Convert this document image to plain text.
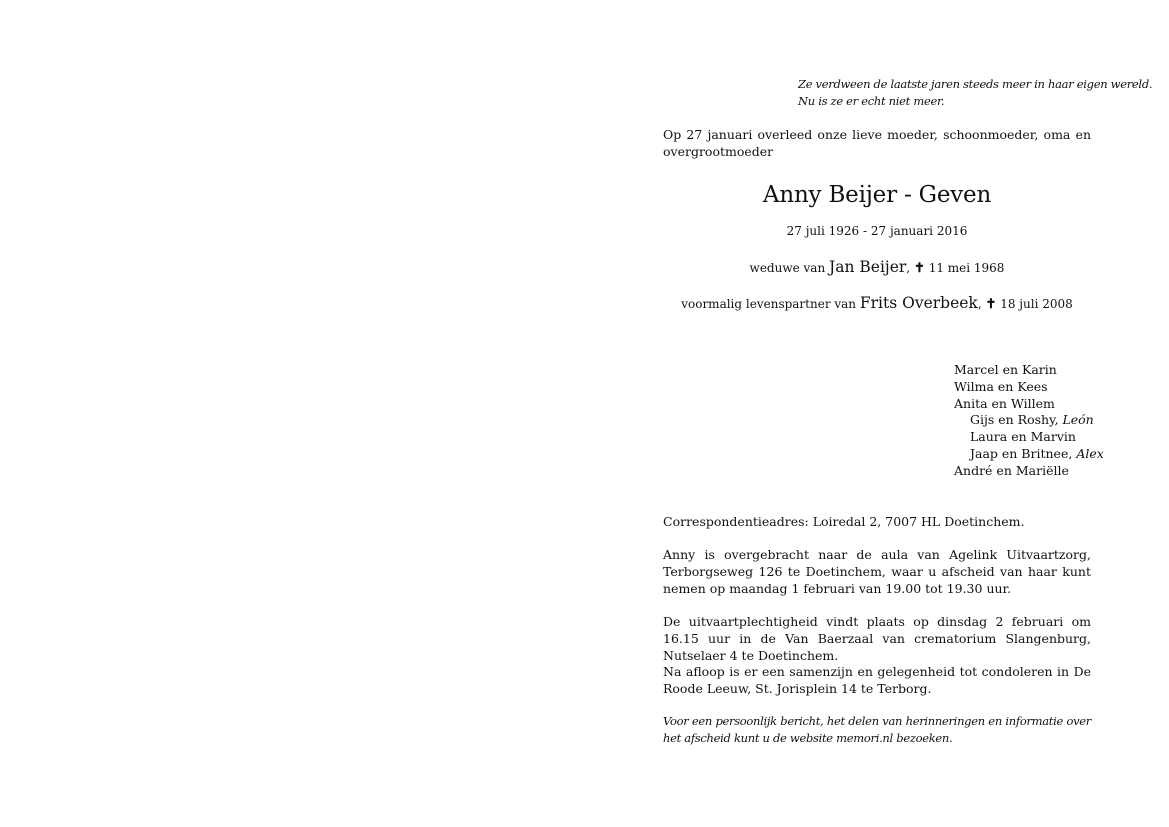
Ze verdween de laatste jaren steeds meer in haar eigen wereld.
Nu is ze er echt niet meer.
Op 27 januari overleed onze lieve moeder, schoonmoeder, oma en overgrootmoeder
Anny Beijer - Geven
27 juli 1926 - 27 januari 2016
weduwe van Jan Beijer, ✝ 11 mei 1968
voormalig levenspartner van Frits Overbeek, ✝ 18 juli 2008
Marcel en Karin
Wilma en Kees
Anita en Willem
Gijs en Roshy, León
Laura en Marvin
Jaap en Britnee, Alex
André en Mariëlle
Correspondentieadres: Loiredal 2, 7007 HL Doetinchem.
Anny is overgebracht naar de aula van Agelink Uitvaartzorg, Terborgseweg 126 te Doetinchem, waar u afscheid van haar kunt nemen op maandag 1 februari van 19.00 tot 19.30 uur.
De uitvaartplechtigheid vindt plaats op dinsdag 2 februari om 16.15 uur in de Van Baerzaal van crematorium Slangenburg, Nutselaer 4 te Doetinchem.
Na afloop is er een samenzijn en gelegenheid tot condoleren in De Roode Leeuw, St. Jorisplein 14 te Terborg.
Voor een persoonlijk bericht, het delen van herinneringen en informatie over het afscheid kunt u de website memori.nl bezoeken.
